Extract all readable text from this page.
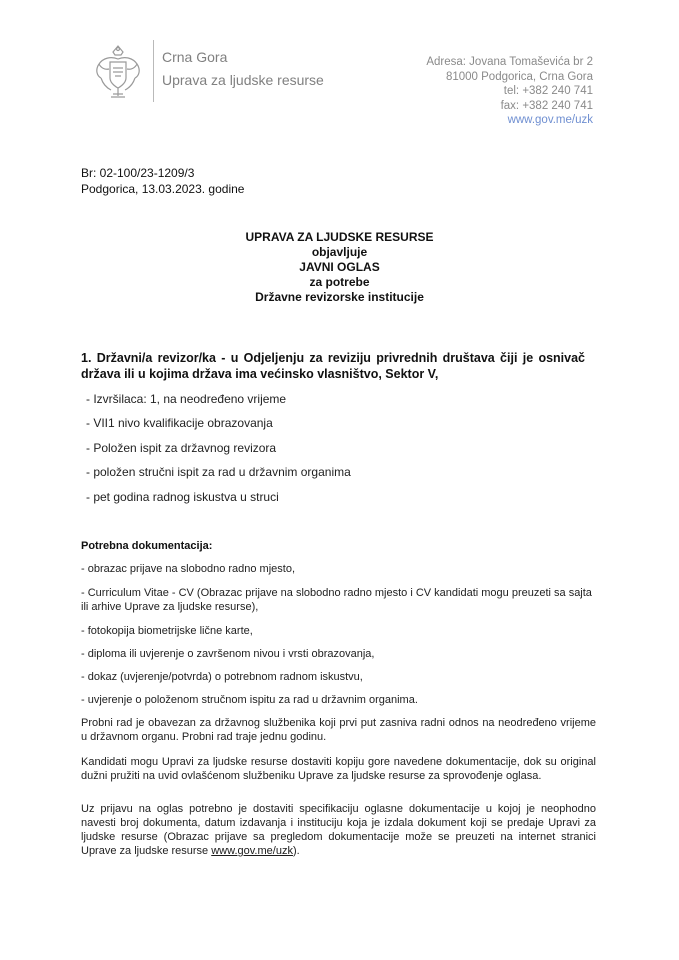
Crna Gora
Uprava za ljudske resurse
Adresa: Jovana Tomaševića br 2
81000 Podgorica, Crna Gora
tel: +382 240 741
fax: +382 240 741
www.gov.me/uzk
Br: 02-100/23-1209/3
Podgorica, 13.03.2023. godine
UPRAVA ZA LJUDSKE RESURSE
objavljuje
JAVNI OGLAS
za potrebe
Državne revizorske institucije
1. Državni/a revizor/ka - u Odjeljenju za reviziju privrednih društava čiji je osnivač država ili u kojima država ima većinsko vlasništvo, Sektor V,
- Izvršilaca: 1, na neodređeno vrijeme
- VII1 nivo kvalifikacije obrazovanja
- Položen ispit za državnog revizora
- položen stručni ispit za rad u državnim organima
- pet godina radnog iskustva u struci
Potrebna dokumentacija:
- obrazac prijave na slobodno radno mjesto,
- Curriculum Vitae - CV (Obrazac prijave na slobodno radno mjesto i CV kandidati mogu preuzeti sa sajta ili arhive Uprave za ljudske resurse),
- fotokopija biometrijske lične karte,
- diploma ili uvjerenje o završenom nivou i vrsti obrazovanja,
- dokaz (uvjerenje/potvrda) o potrebnom radnom iskustvu,
- uvjerenje o položenom stručnom ispitu za rad u državnim organima.
Probni rad je obavezan za državnog službenika koji prvi put zasniva radni odnos na neodređeno vrijeme u državnom organu. Probni rad traje jednu godinu.
Kandidati mogu Upravi za ljudske resurse dostaviti kopiju gore navedene dokumentacije, dok su original dužni pružiti na uvid ovlašćenom službeniku Uprave za ljudske resurse za sprovođenje oglasa.
Uz prijavu na oglas potrebno je dostaviti specifikaciju oglasne dokumentacije u kojoj je neophodno navesti broj dokumenta, datum izdavanja i instituciju koja je izdala dokument koji se predaje Upravi za ljudske resurse (Obrazac prijave sa pregledom dokumentacije može se preuzeti na internet stranici Uprave za ljudske resurse www.gov.me/uzk).
